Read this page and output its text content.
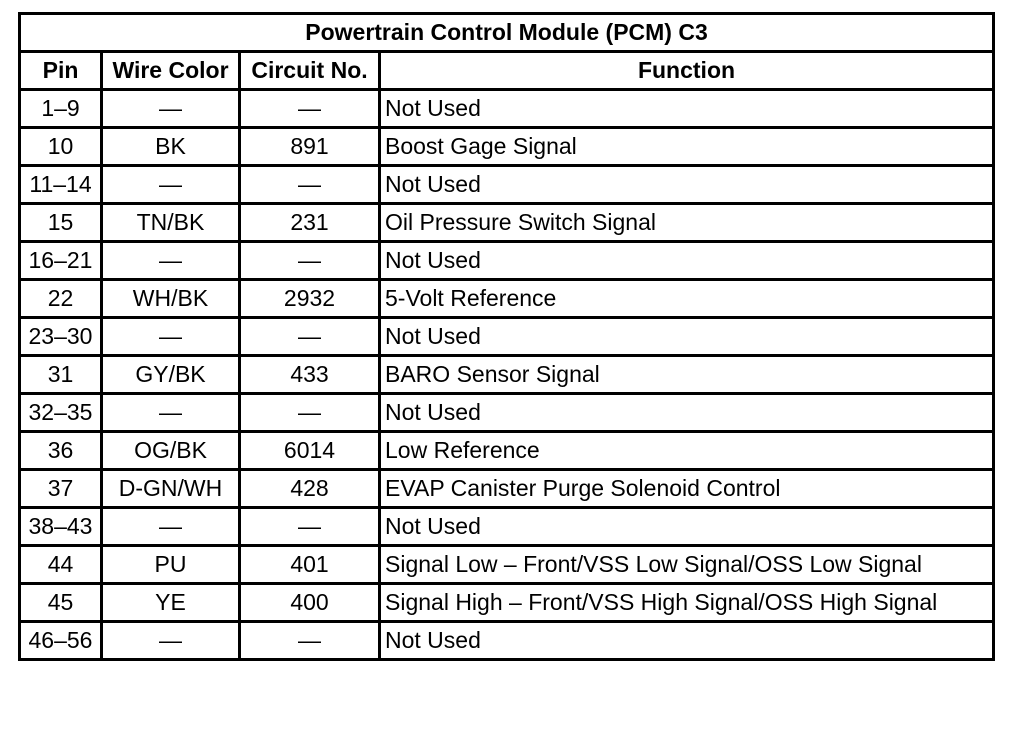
Powertrain Control Module (PCM) C3			
Pin	Wire Color	Circuit No.	Function
1–9	—	—	Not Used
10	BK	891	Boost Gage Signal
11–14	—	—	Not Used
15	TN/BK	231	Oil Pressure Switch Signal
16–21	—	—	Not Used
22	WH/BK	2932	5-Volt Reference
23–30	—	—	Not Used
31	GY/BK	433	BARO Sensor Signal
32–35	—	—	Not Used
36	OG/BK	6014	Low Reference
37	D-GN/WH	428	EVAP Canister Purge Solenoid Control
38–43	—	—	Not Used
44	PU	401	Signal Low – Front/VSS Low Signal/OSS Low Signal
45	YE	400	Signal High – Front/VSS High Signal/OSS High Signal
46–56	—	—	Not Used
